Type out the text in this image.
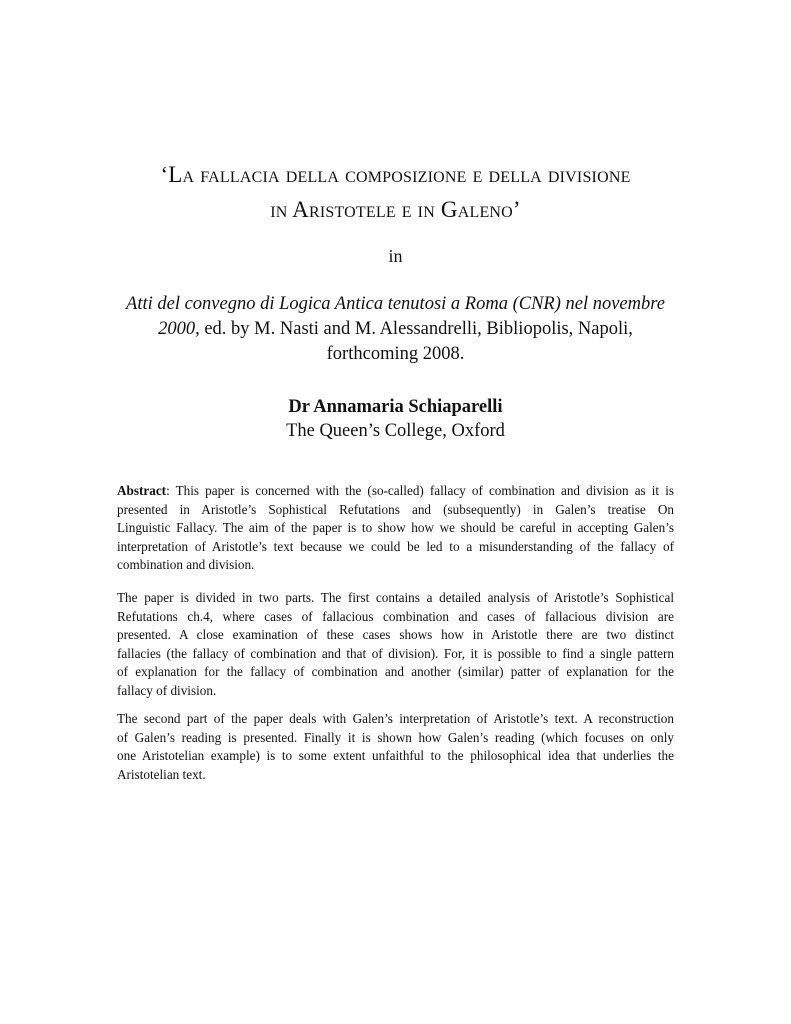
‘La fallacia della composizione e della divisione
in Aristotele e in Galeno’
in
Atti del convegno di Logica Antica tenutosi a Roma (CNR) nel novembre
2000, ed. by M. Nasti and M. Alessandrelli, Bibliopolis, Napoli,
forthcoming 2008.
Dr Annamaria Schiaparelli
The Queen’s College, Oxford
Abstract: This paper is concerned with the (so-called) fallacy of combination and division as it is
presented in Aristotle’s Sophistical Refutations and (subsequently) in Galen’s treatise On
Linguistic Fallacy. The aim of the paper is to show how we should be careful in accepting Galen’s
interpretation of Aristotle’s text because we could be led to a misunderstanding of the fallacy of
combination and division.
The paper is divided in two parts. The first contains a detailed analysis of Aristotle’s Sophistical
Refutations ch.4, where cases of fallacious combination and cases of fallacious division are
presented. A close examination of these cases shows how in Aristotle there are two distinct
fallacies (the fallacy of combination and that of division). For, it is possible to find a single pattern
of explanation for the fallacy of combination and another (similar) patter of explanation for the
fallacy of division.
The second part of the paper deals with Galen’s interpretation of Aristotle’s text. A reconstruction
of Galen’s reading is presented. Finally it is shown how Galen’s reading (which focuses on only
one Aristotelian example) is to some extent unfaithful to the philosophical idea that underlies the
Aristotelian text.
